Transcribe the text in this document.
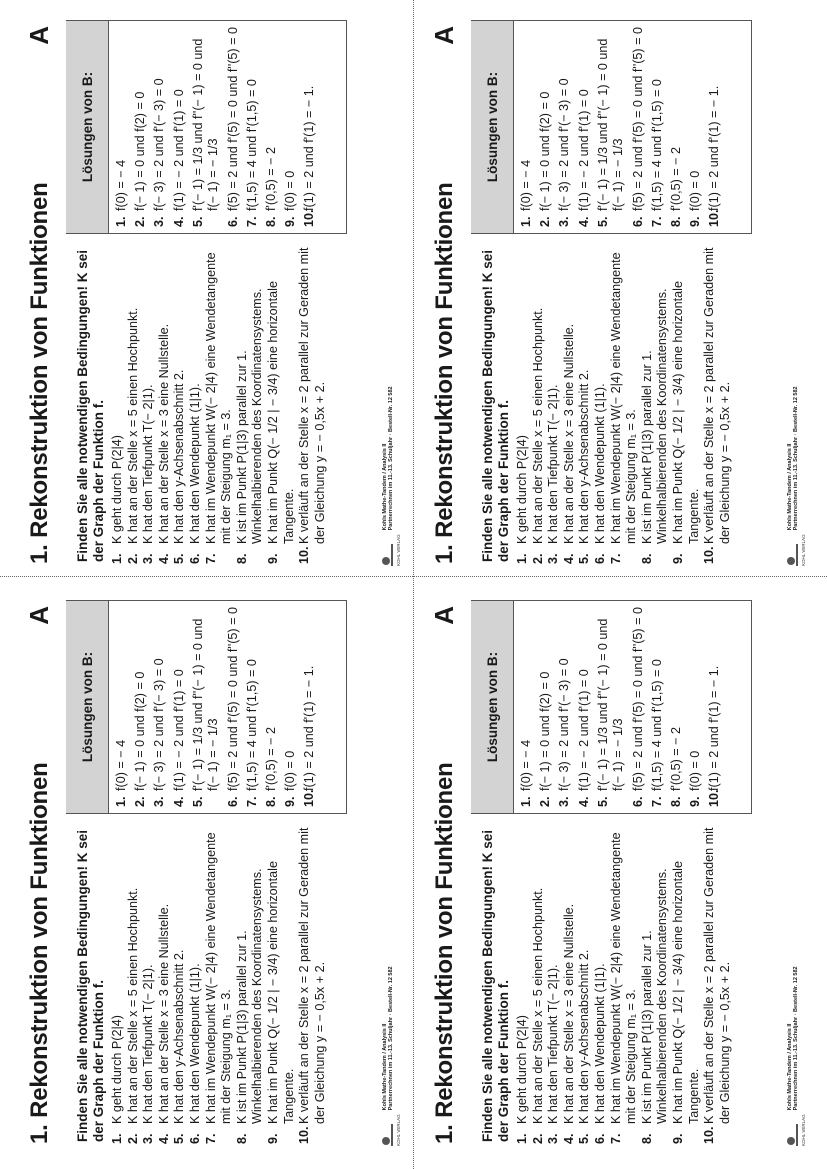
1. Rekonstruktion von Funktionen
A
Finden Sie alle notwendigen Bedingungen! K sei der Graph der Funktion f. 1.
K geht durch P(2|4)
2.
K hat an der Stelle x = 5 einen Hochpunkt.
3.
K hat den Tiefpunkt T(− 2|1).
4.
K hat an der Stelle x = 3 eine Nullstelle.
5.
K hat den y-Achsenabschnitt 2.
6.
K hat den Wendepunkt (1|1).
7.
K hat im Wendepunkt W(− 2|4) eine Wendetangente mit der Steigung m₁ = 3.
8.
K ist im Punkt P(1|3) parallel zur 1. Winkelhalbierenden des Koordinatensystems.
9.
K hat im Punkt Q(− 1/2 | − 3/4) eine horizontale Tangente.
10.
K verläuft an der Stelle x = 2 parallel zur Geraden mit der Gleichung y = − 0,5x + 2.
Lösungen von B:
1.
f(0) = − 4
2.
f(− 1) = 0 und f(2) = 0
3.
f(− 3) = 2 und f'(− 3) = 0
4.
f(1) = − 2 und f'(1) = 0
5.
f'(− 1) = 1/3 und f''(− 1) = 0 und f(− 1) = − 1/3
6.
f(5) = 2 und f'(5) = 0 und f''(5) = 0
7.
f(1,5) = 4 und f'(1,5) = 0
8.
f'(0,5) = − 2
9.
f(0) = 0
10.
f(1) = 2 und f'(1) = − 1.
KOHL VERLAG
Kohls Mathe-Tandem / Analysis II Partnerrechnen im 11.-13. Schuljahr · Bestell-Nr. 12 582 1. Rekonstruktion von Funktionen
A
Finden Sie alle notwendigen Bedingungen! K sei der Graph der Funktion f. 1.
K geht durch P(2|4)
2.
K hat an der Stelle x = 5 einen Hochpunkt.
3.
K hat den Tiefpunkt T(− 2|1).
4.
K hat an der Stelle x = 3 eine Nullstelle.
5.
K hat den y-Achsenabschnitt 2.
6.
K hat den Wendepunkt (1|1).
7.
K hat im Wendepunkt W(− 2|4) eine Wendetangente mit der Steigung m₁ = 3.
8.
K ist im Punkt P(1|3) parallel zur 1. Winkelhalbierenden des Koordinatensystems.
9.
K hat im Punkt Q(− 1/2 | − 3/4) eine horizontale Tangente.
10.
K verläuft an der Stelle x = 2 parallel zur Geraden mit der Gleichung y = − 0,5x + 2.
Lösungen von B:
1.
f(0) = − 4
2.
f(− 1) = 0 und f(2) = 0
3.
f(− 3) = 2 und f'(− 3) = 0
4.
f(1) = − 2 und f'(1) = 0
5.
f'(− 1) = 1/3 und f''(− 1) = 0 und f(− 1) = − 1/3
6.
f(5) = 2 und f'(5) = 0 und f''(5) = 0
7.
f(1,5) = 4 und f'(1,5) = 0
8.
f'(0,5) = − 2
9.
f(0) = 0
10.
f(1) = 2 und f'(1) = − 1.
KOHL VERLAG
Kohls Mathe-Tandem / Analysis II Partnerrechnen im 11.-13. Schuljahr · Bestell-Nr. 12 582
1. Rekonstruktion von Funktionen
A
Finden Sie alle notwendigen Bedingungen! K sei der Graph der Funktion f. 1.
K geht durch P(2|4)
2.
K hat an der Stelle x = 5 einen Hochpunkt.
3.
K hat den Tiefpunkt T(− 2|1).
4.
K hat an der Stelle x = 3 eine Nullstelle.
5.
K hat den y-Achsenabschnitt 2.
6.
K hat den Wendepunkt (1|1).
7.
K hat im Wendepunkt W(− 2|4) eine Wendetangente mit der Steigung m₁ = 3.
8.
K ist im Punkt P(1|3) parallel zur 1. Winkelhalbierenden des Koordinatensystems.
9.
K hat im Punkt Q(− 1/2 | − 3/4) eine horizontale Tangente.
10.
K verläuft an der Stelle x = 2 parallel zur Geraden mit der Gleichung y = − 0,5x + 2.
Lösungen von B:
1.
f(0) = − 4
2.
f(− 1) = 0 und f(2) = 0
3.
f(− 3) = 2 und f'(− 3) = 0
4.
f(1) = − 2 und f'(1) = 0
5.
f'(− 1) = 1/3 und f''(− 1) = 0 und f(− 1) = − 1/3
6.
f(5) = 2 und f'(5) = 0 und f''(5) = 0
7.
f(1,5) = 4 und f'(1,5) = 0
8.
f'(0,5) = − 2
9.
f(0) = 0
10.
f(1) = 2 und f'(1) = − 1.
KOHL VERLAG
Kohls Mathe-Tandem / Analysis II Partnerrechnen im 11.-13. Schuljahr · Bestell-Nr. 12 582 1. Rekonstruktion von Funktionen
A
Finden Sie alle notwendigen Bedingungen! K sei der Graph der Funktion f. 1.
K geht durch P(2|4)
2.
K hat an der Stelle x = 5 einen Hochpunkt.
3.
K hat den Tiefpunkt T(− 2|1).
4.
K hat an der Stelle x = 3 eine Nullstelle.
5.
K hat den y-Achsenabschnitt 2.
6.
K hat den Wendepunkt (1|1).
7.
K hat im Wendepunkt W(− 2|4) eine Wendetangente mit der Steigung m₁ = 3.
8.
K ist im Punkt P(1|3) parallel zur 1. Winkelhalbierenden des Koordinatensystems.
9.
K hat im Punkt Q(− 1/2 | − 3/4) eine horizontale Tangente.
10.
K verläuft an der Stelle x = 2 parallel zur Geraden mit der Gleichung y = − 0,5x + 2.
Lösungen von B:
1.
f(0) = − 4
2.
f(− 1) = 0 und f(2) = 0
3.
f(− 3) = 2 und f'(− 3) = 0
4.
f(1) = − 2 und f'(1) = 0
5.
f'(− 1) = 1/3 und f''(− 1) = 0 und f(− 1) = − 1/3
6.
f(5) = 2 und f'(5) = 0 und f''(5) = 0
7.
f(1,5) = 4 und f'(1,5) = 0
8.
f'(0,5) = − 2
9.
f(0) = 0
10.
f(1) = 2 und f'(1) = − 1.
KOHL VERLAG
Kohls Mathe-Tandem / Analysis II Partnerrechnen im 11.-13. Schuljahr · Bestell-Nr. 12 582
